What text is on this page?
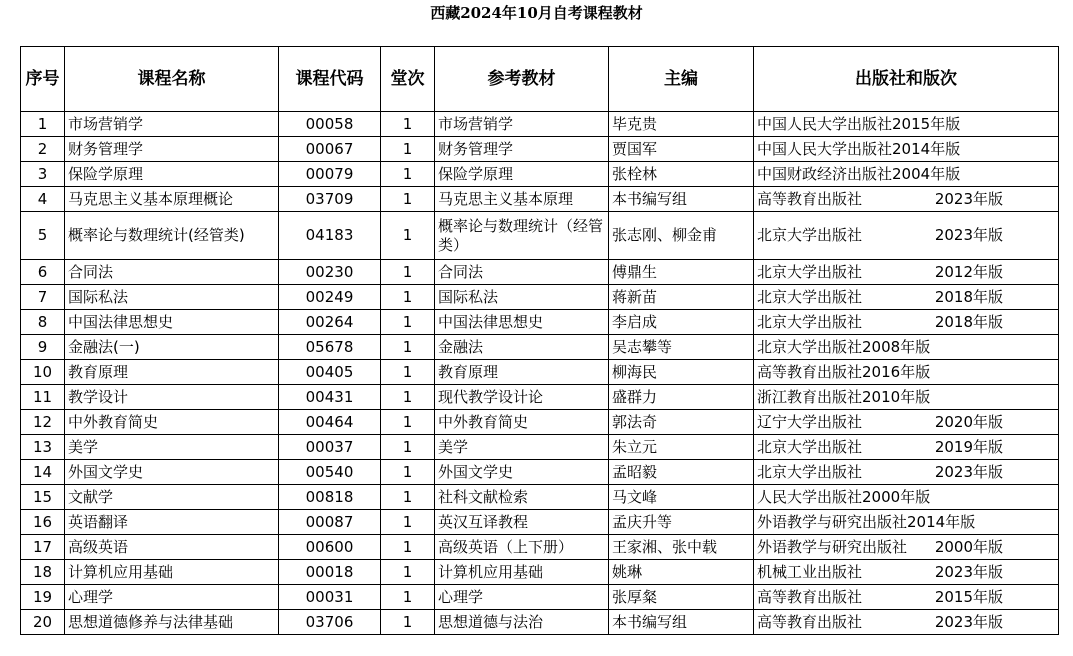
西藏2024年10月自考课程教材
序号	课程名称	课程代码	堂次	参考教材	主编	出版社和版次
1	市场营销学	00058	1	市场营销学	毕克贵	中国人民大学出版社 2015年版

2	财务管理学	00067	1	财务管理学	贾国军	中国人民大学出版社 2014年版

3	保险学原理	00079	1	保险学原理	张栓林	中国财政经济出版社 2004年版

4	马克思主义基本原理概论	03709	1	马克思主义基本原理	本书编写组	高等教育出版社 2023年版

5	概率论与数理统计(经管类)	04183	1	概率论与数理统计（经管类）	张志刚、柳金甫	北京大学出版社 2023年版

6	合同法	00230	1	合同法	傅鼎生	北京大学出版社 2012年版

7	国际私法	00249	1	国际私法	蒋新苗	北京大学出版社 2018年版

8	中国法律思想史	00264	1	中国法律思想史	李启成	北京大学出版社 2018年版

9	金融法(一)	05678	1	金融法	吴志攀等	北京大学出版社 2008年版

10	教育原理	00405	1	教育原理	柳海民	高等教育出版社 2016年版

11	教学设计	00431	1	现代教学设计论	盛群力	浙江教育出版社 2010年版

12	中外教育简史	00464	1	中外教育简史	郭法奇	辽宁大学出版社 2020年版

13	美学	00037	1	美学	朱立元	北京大学出版社 2019年版

14	外国文学史	00540	1	外国文学史	孟昭毅	北京大学出版社 2023年版

15	文献学	00818	1	社科文献检索	马文峰	人民大学出版社 2000年版

16	英语翻译	00087	1	英汉互译教程	孟庆升等	外语教学与研究出版社 2014年版

17	高级英语	00600	1	高级英语（上下册）	王家湘、张中载	外语教学与研究出版社 2000年版

18	计算机应用基础	00018	1	计算机应用基础	姚琳	机械工业出版社 2023年版

19	心理学	00031	1	心理学	张厚粲	高等教育出版社 2015年版

20	思想道德修养与法律基础	03706	1	思想道德与法治	本书编写组	高等教育出版社 2023年版
